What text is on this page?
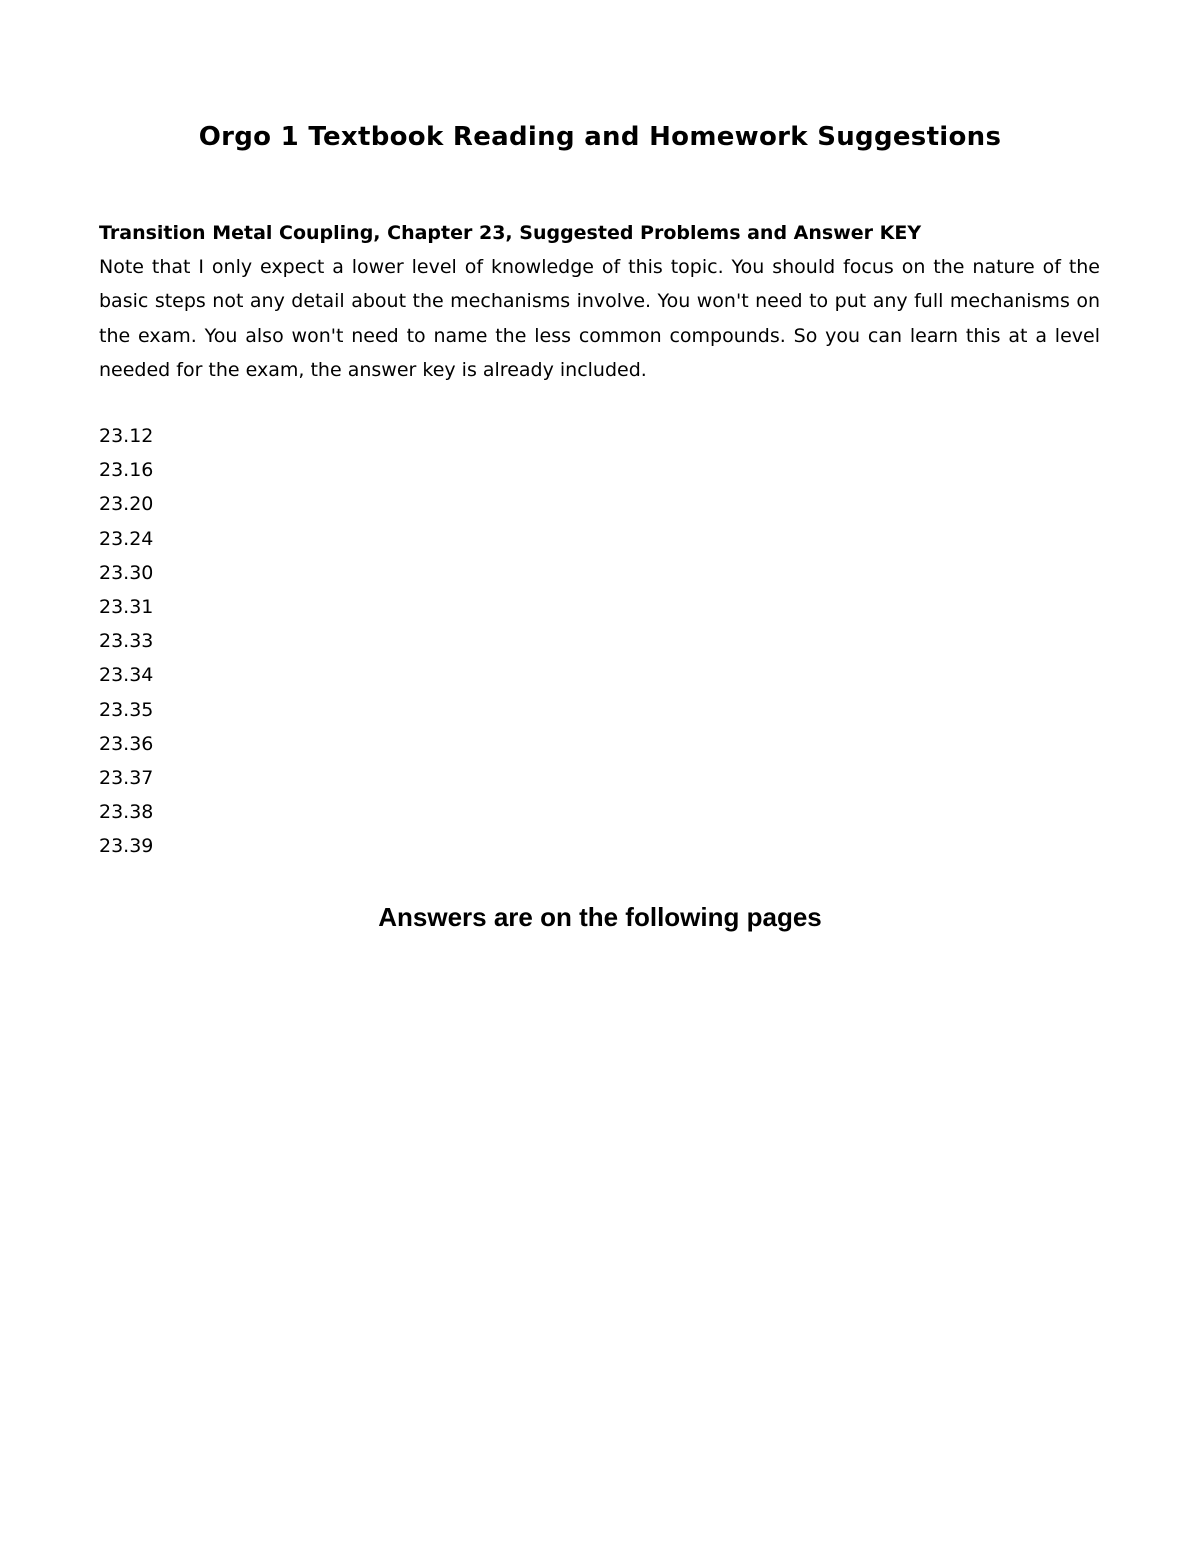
Orgo 1 Textbook Reading and Homework Suggestions

Transition Metal Coupling, Chapter 23, Suggested Problems and Answer KEY

Note that I only expect a lower level of knowledge of this topic. You should focus on the nature of the basic steps not any detail about the mechanisms involve. You won't need to put any full mechanisms on the exam. You also won't need to name the less common compounds. So you can learn this at a level needed for the exam, the answer key is already included.

23.12
23.16
23.20
23.24
23.30
23.31
23.33
23.34
23.35
23.36
23.37
23.38
23.39
Answers are on the following pages
